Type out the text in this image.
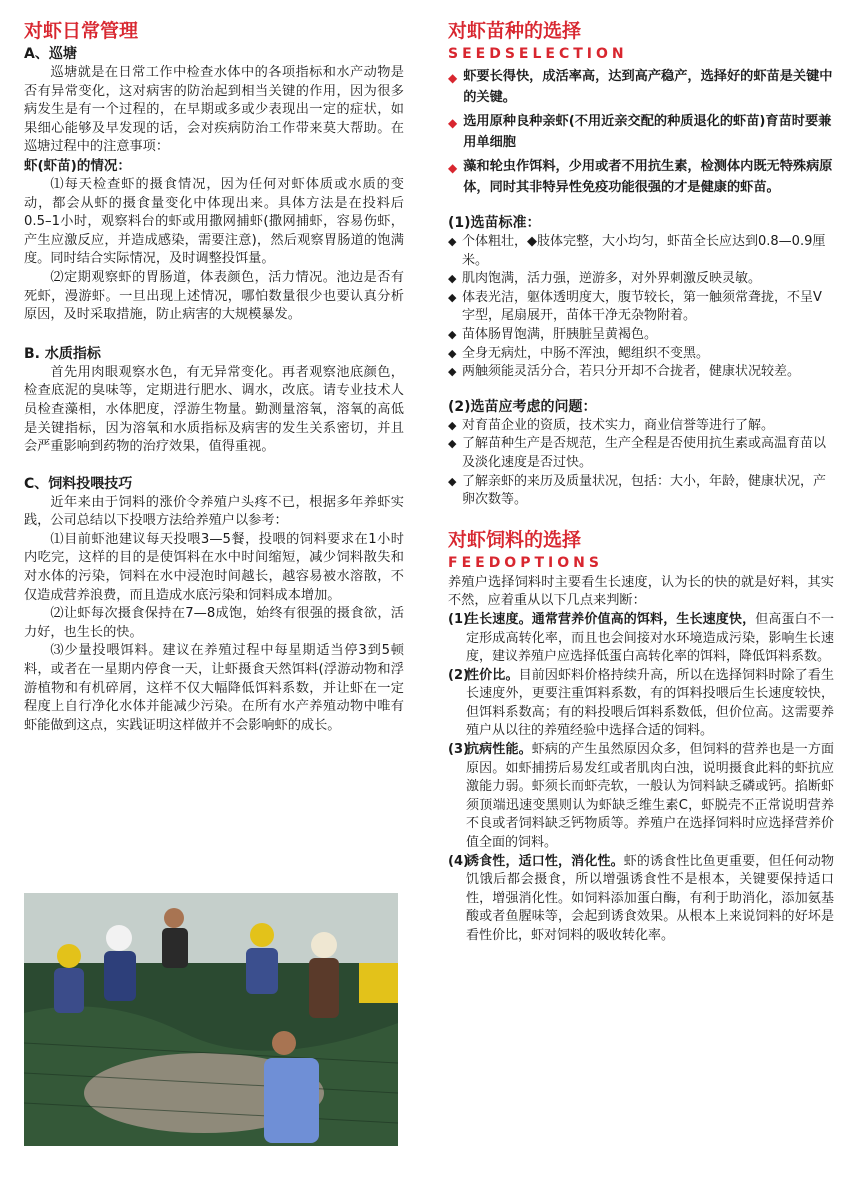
对虾日常管理

A、巡塘

巡塘就是在日常工作中检查水体中的各项指标和水产动物是否有异常变化，这对病害的防治起到相当关键的作用，因为很多病发生是有一个过程的，在早期或多或少表现出一定的症状，如果细心能够及早发现的话，会对疾病防治工作带来莫大帮助。在巡塘过程中的注意事项：

虾(虾苗)的情况：

⑴每天检查虾的摄食情况，因为任何对虾体质或水质的变动，都会从虾的摄食量变化中体现出来。具体方法是在投料后0.5–1小时，观察料台的虾或用撒网捕虾(撒网捕虾，容易伤虾，产生应激反应，并造成感染，需要注意)，然后观察胃肠道的饱满度。同时结合实际情况，及时调整投饵量。

⑵定期观察虾的胃肠道，体表颜色，活力情况。池边是否有死虾，漫游虾。一旦出现上述情况，哪怕数量很少也要认真分析原因，及时采取措施，防止病害的大规模暴发。

B. 水质指标

首先用肉眼观察水色，有无异常变化。再者观察池底颜色，检查底泥的臭味等，定期进行肥水、调水，改底。请专业技术人员检查藻相，水体肥度，浮游生物量。勤测量溶氧，溶氧的高低是关键指标，因为溶氧和水质指标及病害的发生关系密切，并且会严重影响到药物的治疗效果，值得重视。

C、饲料投喂技巧

近年来由于饲料的涨价令养殖户头疼不已，根据多年养虾实践，公司总结以下投喂方法给养殖户以参考：

⑴目前虾池建议每天投喂3—5餐，投喂的饲料要求在1小时内吃完，这样的目的是使饵料在水中时间缩短，减少饲料散失和对水体的污染，饲料在水中浸泡时间越长，越容易被水溶散，不仅造成营养浪费，而且造成水底污染和饲料成本增加。

⑵让虾每次摄食保持在7—8成饱，始终有很强的摄食欲，活力好，也生长的快。

⑶少量投喂饵料。建议在养殖过程中每星期适当停3到5顿料，或者在一星期内停食一天，让虾摄食天然饵料(浮游动物和浮游植物和有机碎屑，这样不仅大幅降低饵料系数，并让虾在一定程度上自行净化水体并能减少污染。在所有水产养殖动物中唯有虾能做到这点，实践证明这样做并不会影响虾的成长。

对虾苗种的选择

SEEDSELECTION

◆ 虾要长得快，成活率高，达到高产稳产，选择好的虾苗是关键中的关键。
◆ 选用原种良种亲虾(不用近亲交配的种质退化的虾苗)育苗时要兼用单细胞
◆ 藻和轮虫作饵料，少用或者不用抗生素，检测体内既无特殊病原体，同时其非特异性免疫功能很强的才是健康的虾苗。

(1)选苗标准：

◆ 个体粗壮，◆肢体完整，大小均匀，虾苗全长应达到0.8—0.9厘米。
◆ 肌肉饱满，活力强，逆游多，对外界刺激反映灵敏。
◆ 体表光洁，躯体透明度大，腹节较长，第一触须常聋拢，不呈V字型，尾扇展开，苗体干净无杂物附着。
◆ 苗体肠胃饱满，肝胰脏呈黄褐色。
◆ 全身无病灶，中肠不浑浊，鳃组织不变黑。
◆ 两触须能灵活分合，若只分开却不合拢者，健康状况较差。

(2)选苗应考虑的问题：

◆ 对育苗企业的资质，技术实力，商业信誉等进行了解。
◆ 了解苗种生产是否规范，生产全程是否使用抗生素或高温育苗以及淡化速度是否过快。
◆ 了解亲虾的来历及质量状况，包括：大小，年龄，健康状况，产卵次数等。

对虾饲料的选择

FEEDOPTIONS

养殖户选择饲料时主要看生长速度，认为长的快的就是好料，其实不然，应着重从以下几点来判断：

(1)
生长速度。通常营养价值高的饵料，生长速度快，但高蛋白不一定形成高转化率，而且也会间接对水环境造成污染，影响生长速度，建议养殖户应选择低蛋白高转化率的饵料，降低饵料系数。
(2)
性价比。目前因虾料价格持续升高，所以在选择饲料时除了看生长速度外，更要注重饵料系数，有的饵料投喂后生长速度较快，但饵料系数高；有的料投喂后饵料系数低，但价位高。这需要养殖户从以往的养殖经验中选择合适的饲料。
(3)
抗病性能。虾病的产生虽然原因众多，但饲料的营养也是一方面原因。如虾捕捞后易发红或者肌肉白浊，说明摄食此料的虾抗应激能力弱。虾须长而虾壳软，一般认为饲料缺乏磷或钙。掐断虾须顶端迅速变黑则认为虾缺乏维生素C，虾脱壳不正常说明营养不良或者饲料缺乏钙物质等。养殖户在选择饲料时应选择营养价值全面的饲料。
(4)
诱食性，适口性，消化性。虾的诱食性比鱼更重要，但任何动物饥饿后都会摄食，所以增强诱食性不是根本，关键要保持适口性，增强消化性。如饲料添加蛋白酶，有利于助消化，添加氨基酸或者鱼腥味等，会起到诱食效果。从根本上来说饲料的好坏是看性价比，虾对饲料的吸收转化率。
